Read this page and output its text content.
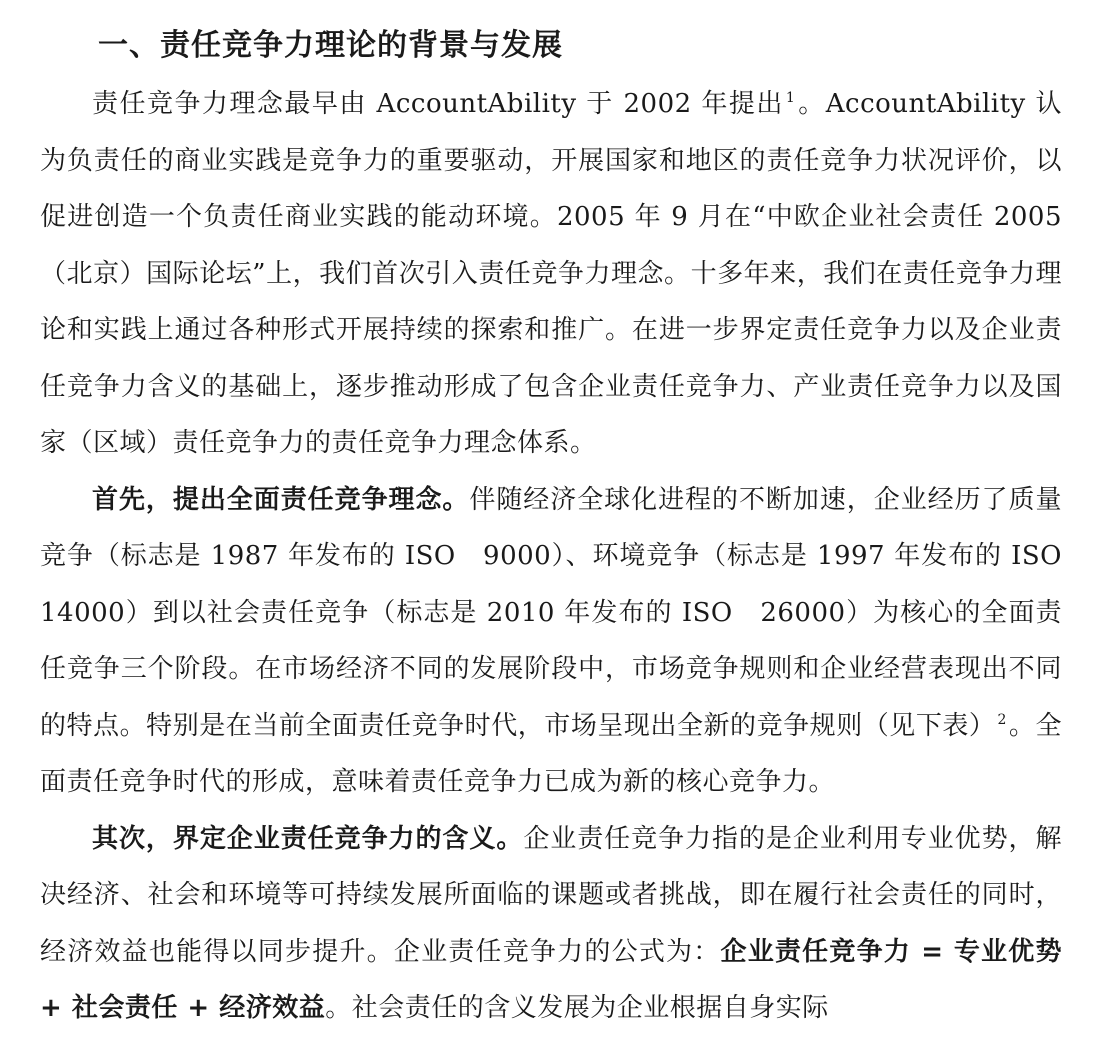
一、责任竞争力理论的背景与发展

责任竞争力理念最早由 AccountAbility 于 2002 年提出 $^1$。AccountAbility 认为负责任的商业实践是竞争力的重要驱动，开展国家和地区的责任竞争力状况评价，以促进创造一个负责任商业实践的能动环境。2005 年 9 月在“中欧企业社会责任 2005（北京）国际论坛”上，我们首次引入责任竞争力理念。十多年来，我们在责任竞争力理论和实践上通过各种形式开展持续的探索和推广。在进一步界定责任竞争力以及企业责任竞争力含义的基础上，逐步推动形成了包含企业责任竞争力、产业责任竞争力以及国家（区域）责任竞争力的责任竞争力理念体系。

首先，提出全面责任竞争理念。伴随经济全球化进程的不断加速，企业经历了质量竞争（标志是 1987 年发布的 ISO　9000）、环境竞争（标志是 1997 年发布的 ISO　14000）到以社会责任竞争（标志是 2010 年发布的 ISO　26000）为核心的全面责任竞争三个阶段。在市场经济不同的发展阶段中，市场竞争规则和企业经营表现出不同的特点。特别是在当前全面责任竞争时代，市场呈现出全新的竞争规则（见下表） $^2$。全面责任竞争时代的形成，意味着责任竞争力已成为新的核心竞争力。

其次，界定企业责任竞争力的含义。企业责任竞争力指的是企业利用专业优势，解决经济、社会和环境等可持续发展所面临的课题或者挑战，即在履行社会责任的同时，经济效益也能得以同步提升。企业责任竞争力的公式为：企业责任竞争力 = 专业优势 + 社会责任 + 经济效益。社会责任的含义发展为企业根据自身实际
